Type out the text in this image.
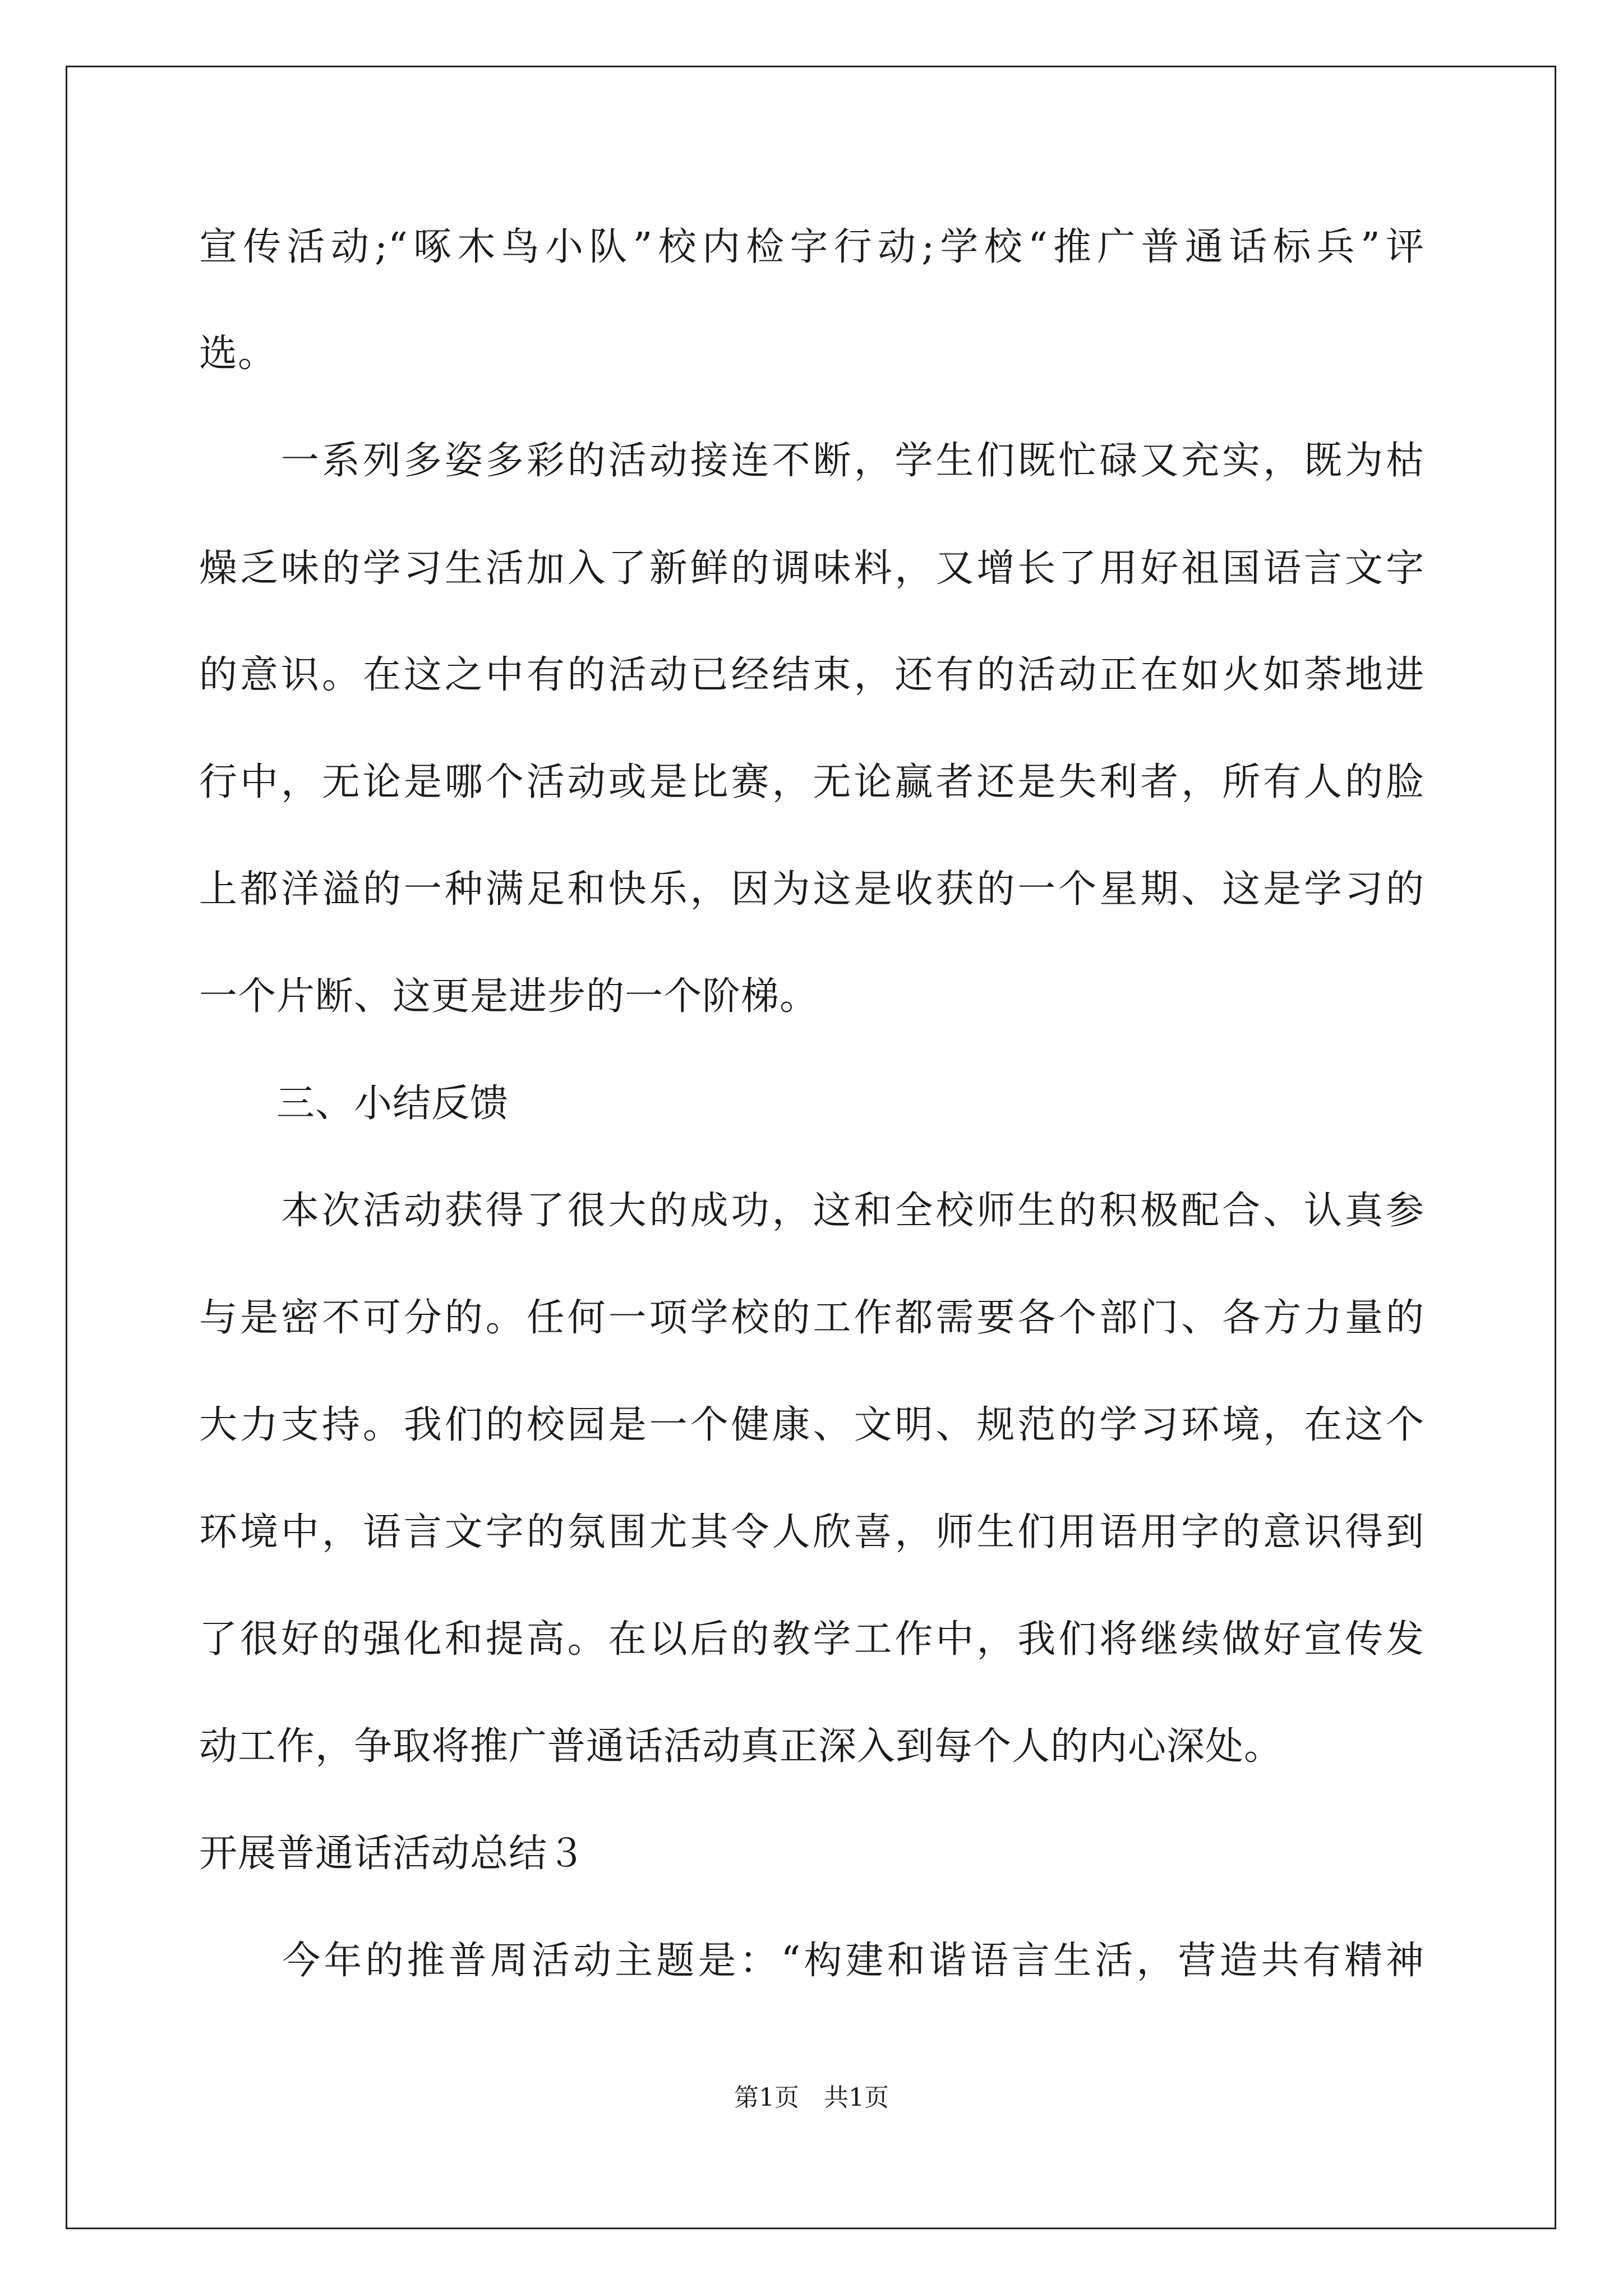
宣传活动;“啄木鸟小队”校内检字行动;学校“推广普通话标兵”评
选。
　　一系列多姿多彩的活动接连不断，学生们既忙碌又充实，既为枯
燥乏味的学习生活加入了新鲜的调味料，又增长了用好祖国语言文字
的意识。在这之中有的活动已经结束，还有的活动正在如火如荼地进
行中，无论是哪个活动或是比赛，无论赢者还是失利者，所有人的脸
上都洋溢的一种满足和快乐，因为这是收获的一个星期、这是学习的
一个片断、这更是进步的一个阶梯。
　　三、小结反馈
　　本次活动获得了很大的成功，这和全校师生的积极配合、认真参
与是密不可分的。任何一项学校的工作都需要各个部门、各方力量的
大力支持。我们的校园是一个健康、文明、规范的学习环境，在这个
环境中，语言文字的氛围尤其令人欣喜，师生们用语用字的意识得到
了很好的强化和提高。在以后的教学工作中，我们将继续做好宣传发
动工作，争取将推广普通话活动真正深入到每个人的内心深处。
开展普通话活动总结３
　　今年的推普周活动主题是：“构建和谐语言生活，营造共有精神
第1页　共1页
